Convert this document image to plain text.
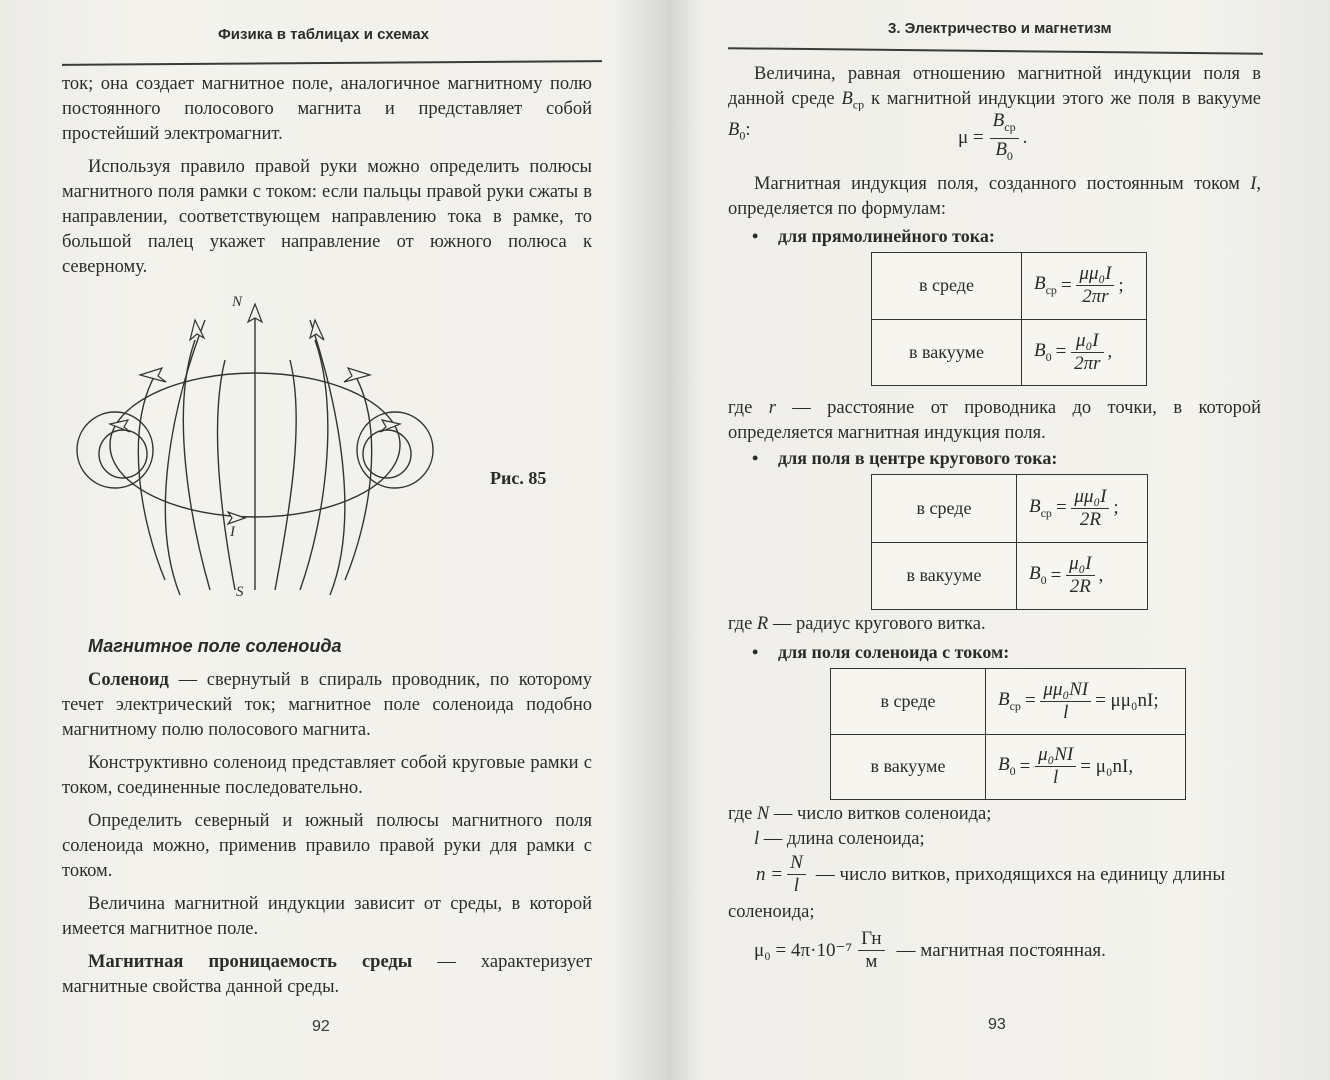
Физика в таблицах и схемах

ток; она создает магнитное поле, аналогичное магнитному полю постоянного полосового магнита и представляет собой простейший электромагнит.

Используя правило правой руки можно определить полюсы магнитного поля рамки с током: если пальцы правой руки сжаты в направлении, соответствующем направлению тока в рамке, то большой палец укажет направление от южного полюса к северному.

N
S
I
Рис. 85
Магнитное поле соленоида

Соленоид — свернутый в спираль проводник, по которому течет электрический ток; магнитное поле соленоида подобно магнитному полю полосового магнита.

Конструктивно соленоид представляет собой круговые рамки с током, соединенные последовательно.

Определить северный и южный полюсы магнитного поля соленоида можно, применив правило правой руки для рамки с током.

Величина магнитной индукции зависит от среды, в которой имеется магнитное поле.

Магнитная проницаемость среды — характеризует магнитные свойства данной среды.

92
3. Электричество и магнетизм

Величина, равная отношению магнитной индукции поля в данной среде $B_{ср}$ к магнитной индукции этого же поля в вакууме $B_0$:	$\mu = \frac{B_{ср}}{B_0}$ .

Магнитная индукция поля, созданного постоянным током I, определяется по формулам:

• для прямолинейного тока:
в среде	$B_{ср} = \frac{\text{μμ₀I}}{2\pi r}$ ;

в вакууме	$B_0 = \frac{\text{μ₀I}}{2\pi r}$ ,

где r — расстояние от проводника до точки, в которой определяется магнитная индукция поля.

• для поля в центре кругового тока:
в среде	$B_{ср} = \frac{\text{μμ₀I}}{2R}$ ;

в вакууме	$B_0 = \frac{\text{μ₀I}}{2R}$ ,

где R — радиус кругового витка.

• для поля соленоида с током:
в среде	$B_{ср} = \frac{\text{μμ₀NI}}{l} = \mu\mu_0nI$;

в вакууме	$B_0 = \frac{\text{μ₀NI}}{l} = \mu_0nI$,

где N — число витков соленоида;

l — длина соленоида;

$n = \frac{N}{l}$ — число витков, приходящихся на единицу длины

соленоида;

$\mu_0 = 4\pi\cdot 10^{-7} \frac{Гн}{м}$ — магнитная постоянная.
93
